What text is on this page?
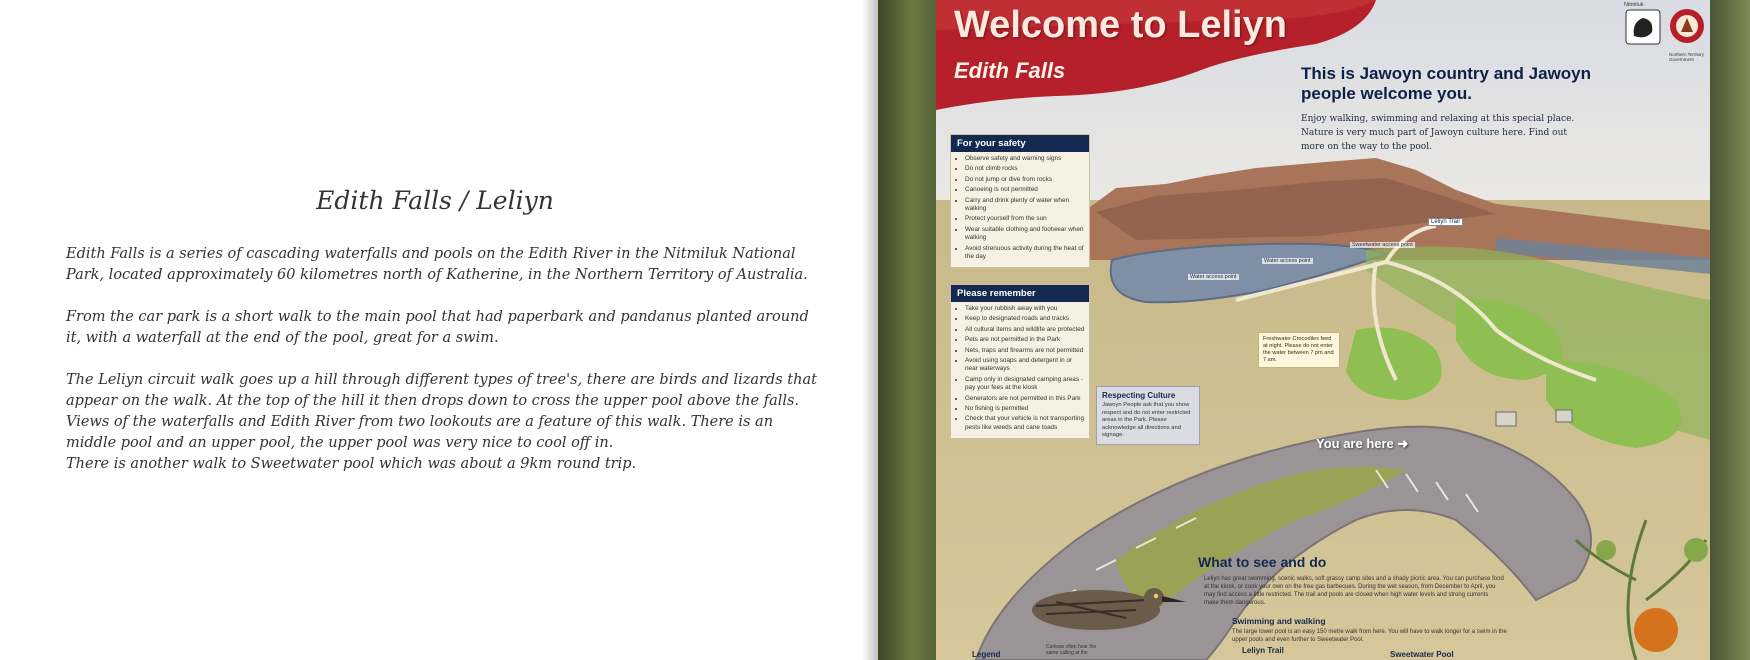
Edith Falls / Leliyn

Edith Falls is a series of cascading waterfalls and pools on the Edith River in the Nitmiluk National Park, located approximately 60 kilometres north of Katherine, in the Northern Territory of Australia.

From the car park is a short walk to the main pool that had paperbark and pandanus planted around it, with a waterfall at the end of the pool, great for a swim.

The Leliyn circuit walk goes up a hill through different types of tree's, there are birds and lizards that appear on the walk. At the top of the hill it then drops down to cross the upper pool above the falls. Views of the waterfalls and Edith River from two lookouts are a feature of this walk. There is an middle pool and an upper pool, the upper pool was very nice to cool off in.

There is another walk to Sweetwater pool which was about a 9km round trip.

Welcome to Leliyn
Edith Falls
Nitmiluk
Northern Territory Government
This is Jawoyn country and Jawoyn people welcome you.
Enjoy walking, swimming and relaxing at this special place. Nature is very much part of Jawoyn culture here. Find out more on the way to the pool.
For your safety
• Observe safety and warning signs
• Do not climb rocks
• Do not jump or dive from rocks
• Canoeing is not permitted
• Carry and drink plenty of water when walking
• Protect yourself from the sun
• Wear suitable clothing and footwear when walking
• Avoid strenuous activity during the heat of the day
Please remember
• Take your rubbish away with you
• Keep to designated roads and tracks
• All cultural items and wildlife are protected
• Pets are not permitted in the Park
• Nets, traps and firearms are not permitted
• Avoid using soaps and detergent in or near waterways
• Camp only in designated camping areas - pay your fees at the kiosk
• Generators are not permitted in this Park
• No fishing is permitted
• Check that your vehicle is not transporting pests like weeds and cane toads
Respecting Culture
Jawoyn People ask that you show respect and do not enter restricted areas in the Park. Please acknowledge all directions and signage.
Freshwater Crocodiles feed at night. Please do not enter the water between 7 pm and 7 am.
Water access point
Water access point
Sweetwater access point
Leliyn Trail
You are here ➜
What to see and do
Leliyn has great swimming, scenic walks, soft grassy camp sites and a shady picnic area. You can purchase food at the kiosk, or cook your own on the free gas barbecues. During the wet season, from December to April, you may find access a little restricted. The trail and pools are closed when high water levels and strong currents make them dangerous.
Swimming and walking
The large lower pool is an easy 150 metre walk from here. You will have to walk longer for a swim in the upper pools and even further to Sweetwater Pool.
Leliyn Trail	Sweetwater Pool
Legend
Curlews often hear the same calling at the
